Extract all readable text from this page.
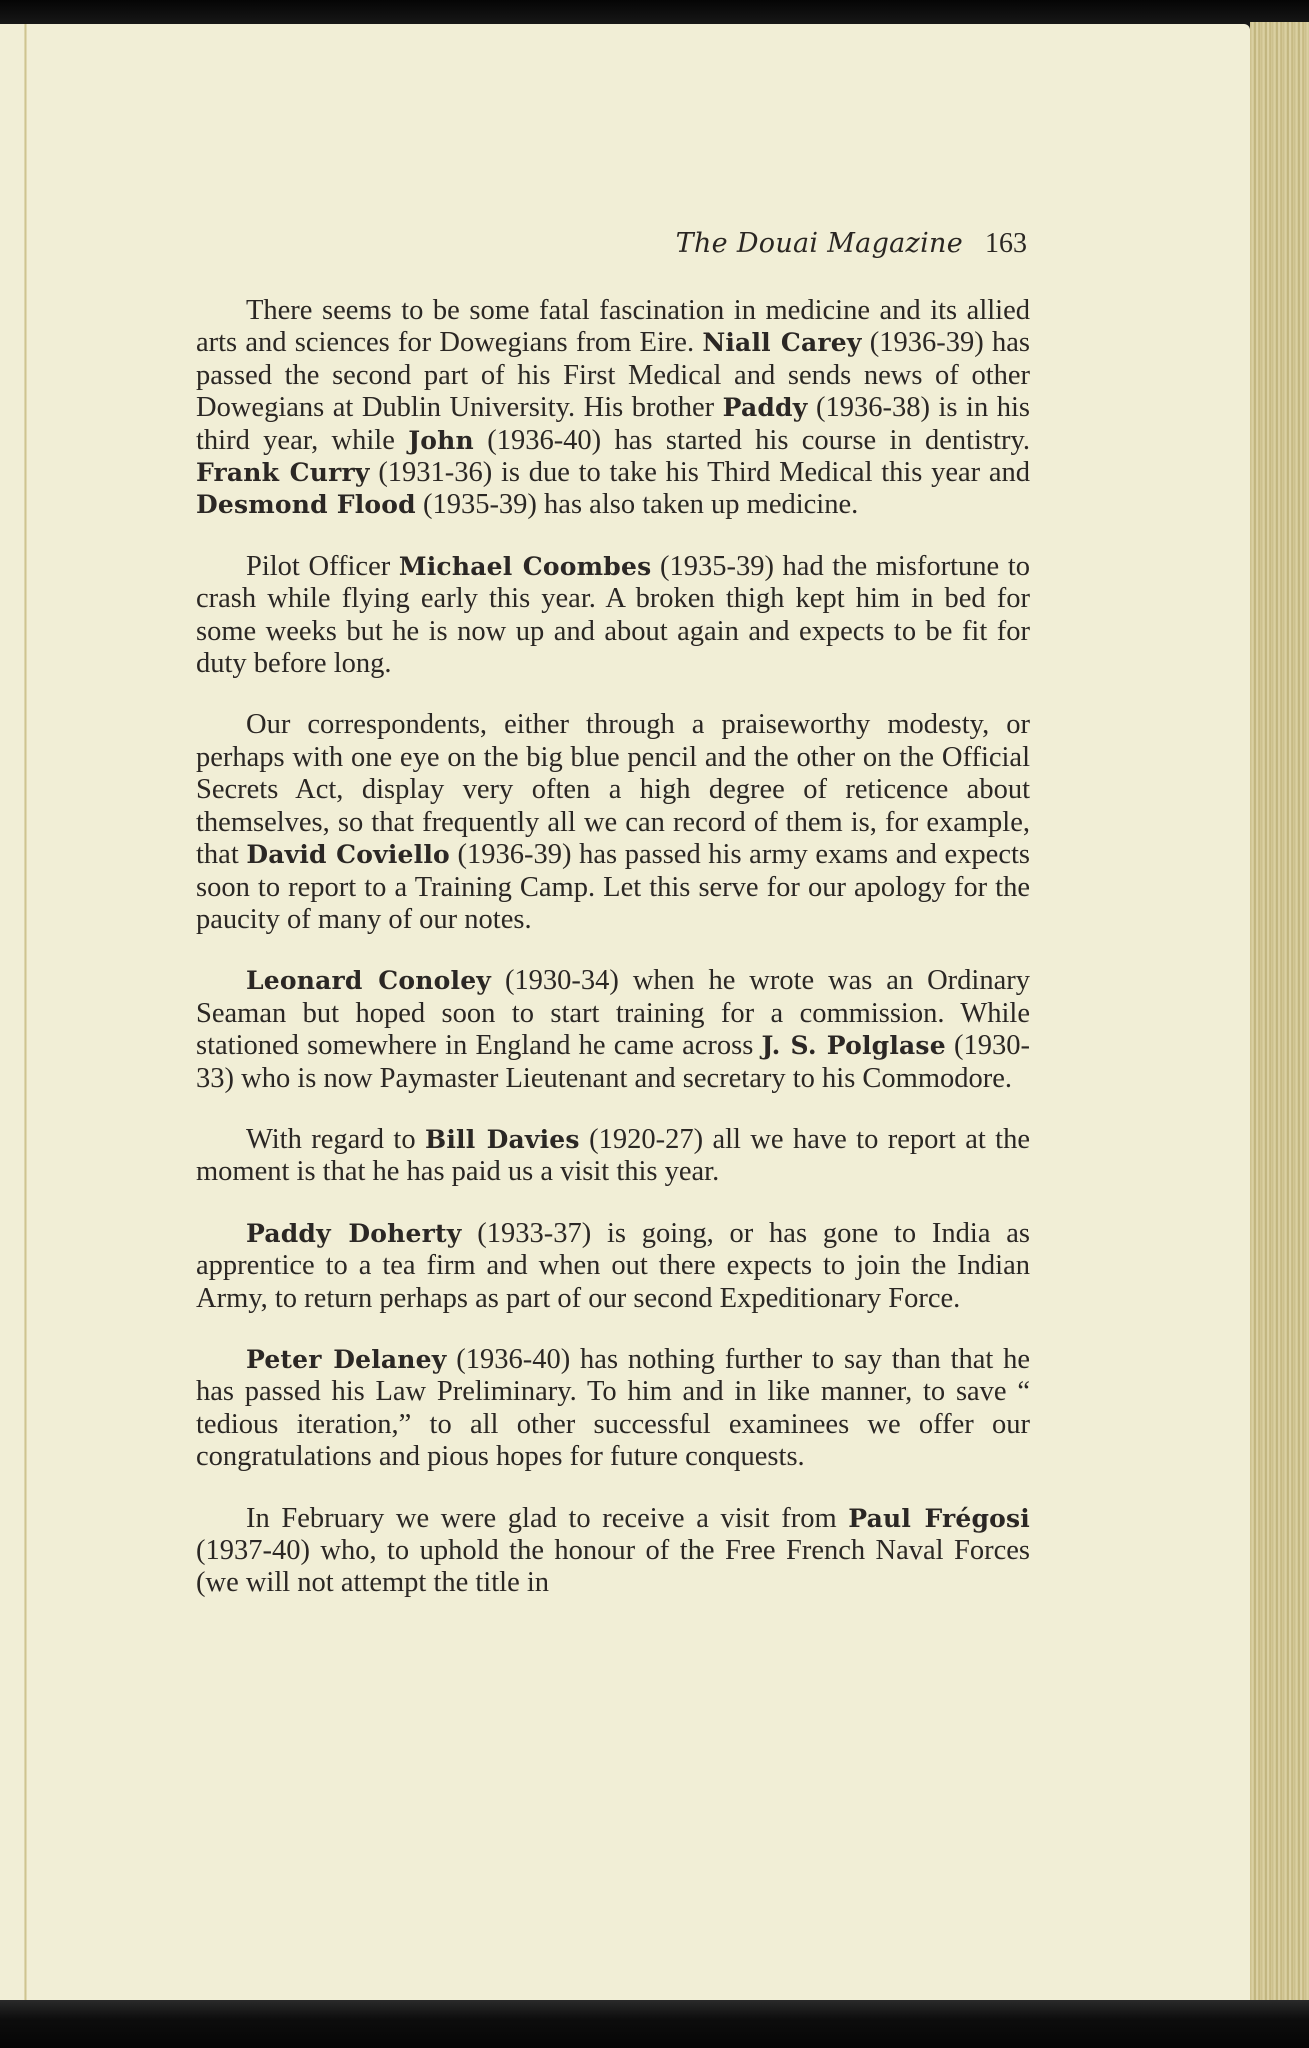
The Douai Magazine 163

There seems to be some fatal fascination in medicine and its allied arts and sciences for Dowegians from Eire. Niall Carey (1936-39) has passed the second part of his First Medical and sends news of other Dowegians at Dublin University. His brother Paddy (1936-38) is in his third year, while John (1936-40) has started his course in dentistry. Frank Curry (1931-36) is due to take his Third Medical this year and Desmond Flood (1935-39) has also taken up medicine.

Pilot Officer Michael Coombes (1935-39) had the misfortune to crash while flying early this year. A broken thigh kept him in bed for some weeks but he is now up and about again and expects to be fit for duty before long.

Our correspondents, either through a praiseworthy modesty, or perhaps with one eye on the big blue pencil and the other on the Official Secrets Act, display very often a high degree of reticence about themselves, so that frequently all we can record of them is, for example, that David Coviello (1936-39) has passed his army exams and expects soon to report to a Training Camp. Let this serve for our apology for the paucity of many of our notes.

Leonard Conoley (1930-34) when he wrote was an Ordinary Seaman but hoped soon to start training for a commission. While stationed somewhere in England he came across J. S. Polglase (1930-33) who is now Paymaster Lieutenant and secretary to his Commodore.

With regard to Bill Davies (1920-27) all we have to report at the moment is that he has paid us a visit this year.

Paddy Doherty (1933-37) is going, or has gone to India as apprentice to a tea firm and when out there expects to join the Indian Army, to return perhaps as part of our second Expeditionary Force.

Peter Delaney (1936-40) has nothing further to say than that he has passed his Law Preliminary. To him and in like manner, to save “ tedious iteration,” to all other successful examinees we offer our congratulations and pious hopes for future conquests.

In February we were glad to receive a visit from Paul Frégosi (1937-40) who, to uphold the honour of the Free French Naval Forces (we will not attempt the title in
